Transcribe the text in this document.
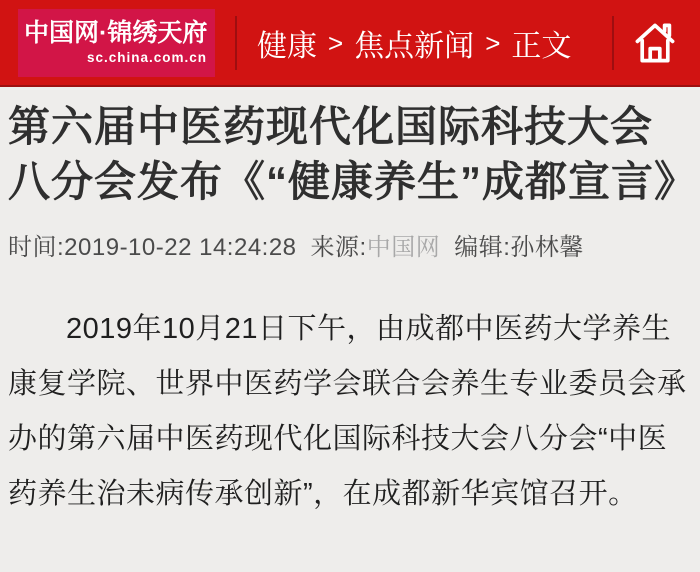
中国网·锦绣天府
sc.china.com.cn 健康 > 焦点新闻 > 正文
第六届中医药现代化国际科技大会八分会发布《“健康养生”成都宣言》
时间:2019-10-22 14:24:28 来源:中国网 编辑:孙林馨

2019年10月21日下午，由成都中医药大学养生康复学院、世界中医药学会联合会养生专业委员会承办的第六届中医药现代化国际科技大会八分会“中医药养生治未病传承创新”，在成都新华宾馆召开。
